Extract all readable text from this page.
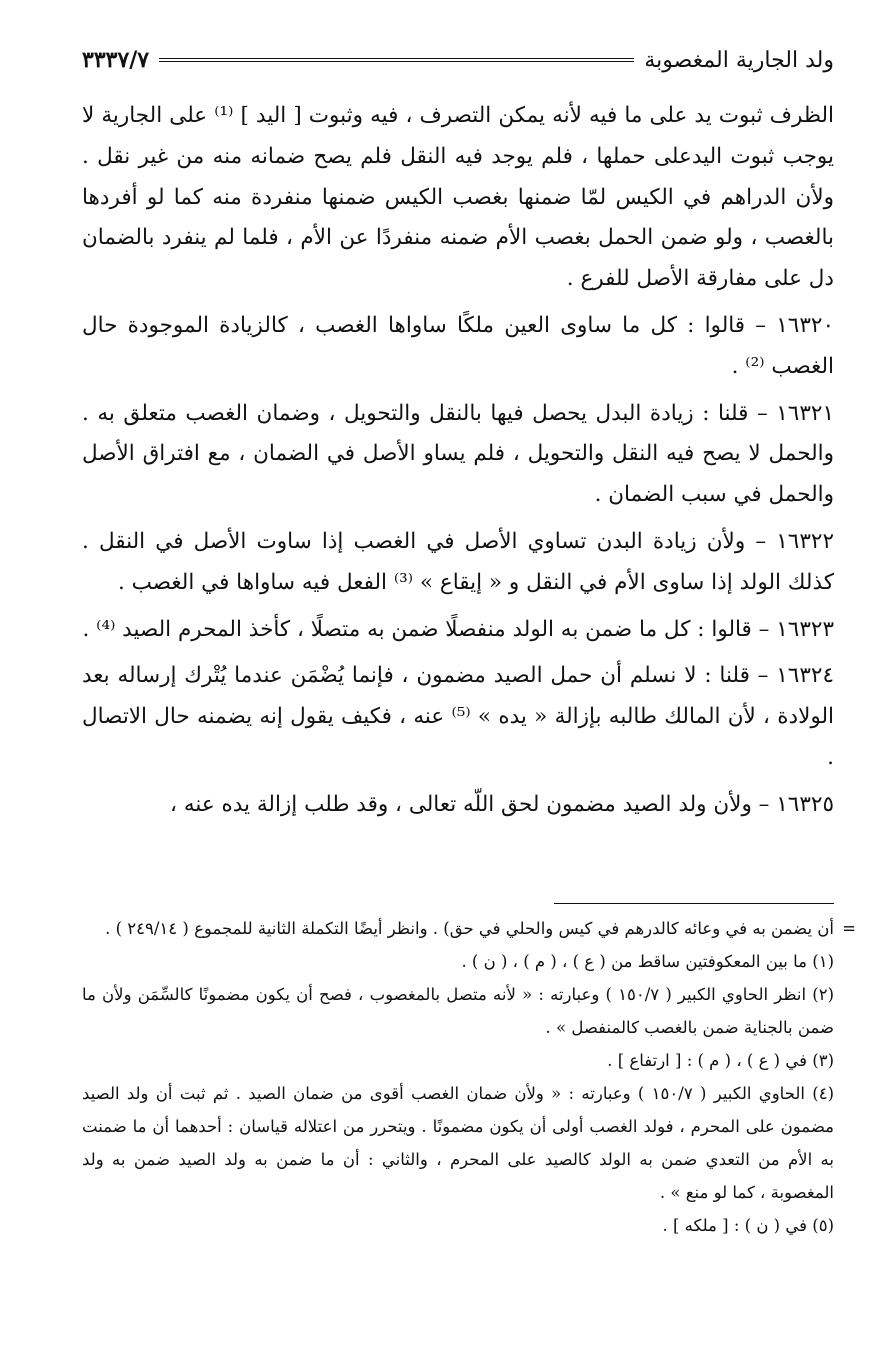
ولد الجارية المغصوبة
٣٣٣٧/٧

الظرف ثبوت يد على ما فيه لأنه يمكن التصرف ، فيه وثبوت [ اليد ] ⁽¹⁾ على الجارية لا يوجب ثبوت اليدعلى حملها ، فلم يوجد فيه النقل فلم يصح ضمانه منه من غير نقل . ولأن الدراهم في الكيس لمّا ضمنها بغصب الكيس ضمنها منفردة منه كما لو أفردها بالغصب ، ولو ضمن الحمل بغصب الأم ضمنه منفردًا عن الأم ، فلما لم ينفرد بالضمان دل على مفارقة الأصل للفرع .

١٦٣٢٠ – قالوا : كل ما ساوى العين ملكًا ساواها الغصب ، كالزيادة الموجودة حال الغصب ⁽²⁾ .

١٦٣٢١ – قلنا : زيادة البدل يحصل فيها بالنقل والتحويل ، وضمان الغصب متعلق به . والحمل لا يصح فيه النقل والتحويل ، فلم يساو الأصل في الضمان ، مع افتراق الأصل والحمل في سبب الضمان .

١٦٣٢٢ – ولأن زيادة البدن تساوي الأصل في الغصب إذا ساوت الأصل في النقل . كذلك الولد إذا ساوى الأم في النقل و « إيقاع » ⁽³⁾ الفعل فيه ساواها في الغصب .

١٦٣٢٣ – قالوا : كل ما ضمن به الولد منفصلًا ضمن به متصلًا ، كأخذ المحرم الصيد ⁽⁴⁾ .

١٦٣٢٤ – قلنا : لا نسلم أن حمل الصيد مضمون ، فإنما يُضْمَن عندما يُتْرك إرساله بعد الولادة ، لأن المالك طالبه بإزالة « يده » ⁽⁵⁾ عنه ، فكيف يقول إنه يضمنه حال الاتصال .

١٦٣٢٥ – ولأن ولد الصيد مضمون لحق اللّه تعالى ، وقد طلب إزالة يده عنه ،

=
أن يضمن به في وعائه كالدرهم في كيس والحلي في حق) . وانظر أيضًا التكملة الثانية للمجموع ( ٢٤٩/١٤ ) .

(١) ما بين المعكوفتين ساقط من ( ع ) ، ( م ) ، ( ن ) .

(٢) انظر الحاوي الكبير ( ١٥٠/٧ ) وعبارته : « لأنه متصل بالمغصوب ، فصح أن يكون مضمونًا كالسِّمَن ولأن ما ضمن بالجناية ضمن بالغصب كالمنفصل » .

(٣) في ( ع ) ، ( م ) : [ ارتفاع ] .

(٤) الحاوي الكبير ( ١٥٠/٧ ) وعبارته : « ولأن ضمان الغصب أقوى من ضمان الصيد . ثم ثبت أن ولد الصيد مضمون على المحرم ، فولد الغصب أولى أن يكون مضمونًا . ويتحرر من اعتلاله قياسان : أحدهما أن ما ضمنت به الأم من التعدي ضمن به الولد كالصيد على المحرم ، والثاني : أن ما ضمن به ولد الصيد ضمن به ولد المغصوبة ، كما لو منع » .

(٥) في ( ن ) : [ ملكه ] .
